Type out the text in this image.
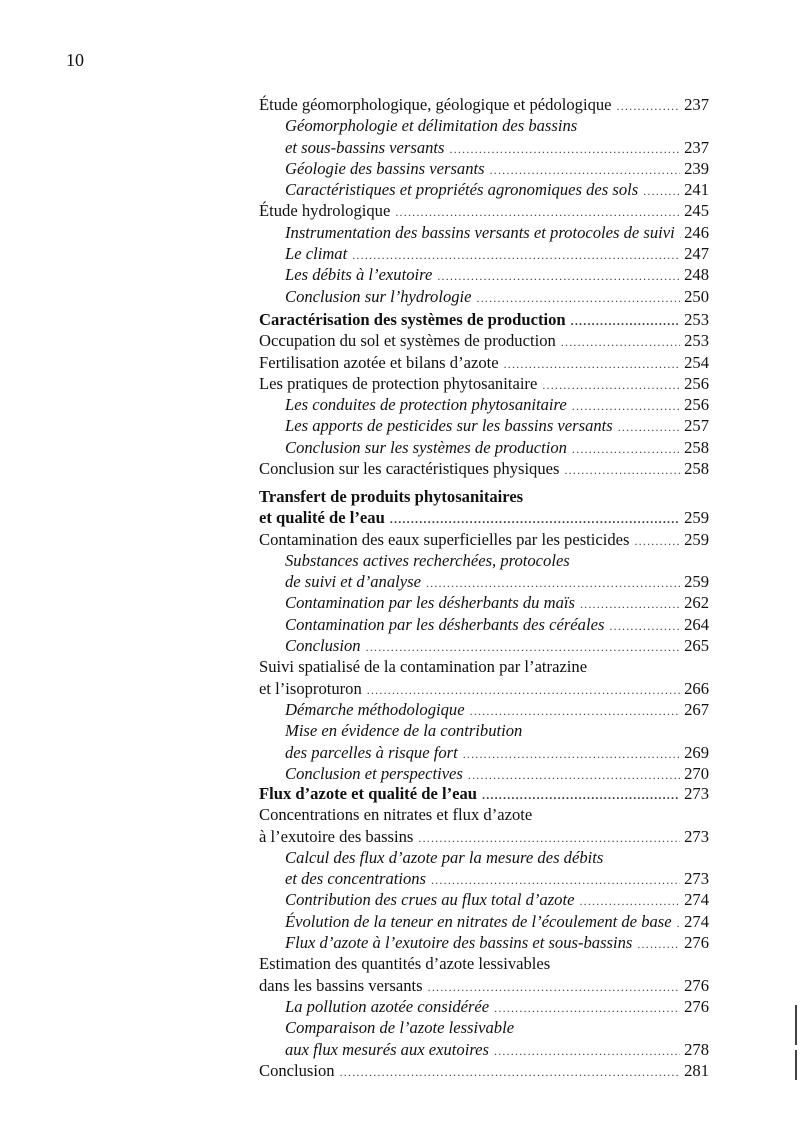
10
Étude géomorphologique, géologique et pédologique .....	237
Géomorphologie et délimitation des bassins
et sous-bassins versants .....	237
Géologie des bassins versants .....	239
Caractéristiques et propriétés agronomiques des sols .....	241
Étude hydrologique .....	245
Instrumentation des bassins versants et protocoles de suivi ..... 246
Le climat .....	247
Les débits à l’exutoire .....	248
Conclusion sur l’hydrologie .....	250
Caractérisation des systèmes de production .....	253
Occupation du sol et systèmes de production .....	253
Fertilisation azotée et bilans d’azote .....	254
Les pratiques de protection phytosanitaire .....	256
Les conduites de protection phytosanitaire .....	256
Les apports de pesticides sur les bassins versants .....	257
Conclusion sur les systèmes de production .....	258
Conclusion sur les caractéristiques physiques .....	258
Transfert de produits phytosanitaires
et qualité de l’eau .....	259
Contamination des eaux superficielles par les pesticides .....	259
Substances actives recherchées, protocoles
de suivi et d’analyse .....	259
Contamination par les désherbants du maïs .....	262
Contamination par les désherbants des céréales .....	264
Conclusion .....	265
Suivi spatialisé de la contamination par l’atrazine
et l’isoproturon .....	266
Démarche méthodologique .....	267
Mise en évidence de la contribution
des parcelles à risque fort .....	269
Conclusion et perspectives .....	270
Flux d’azote et qualité de l’eau .....	273
Concentrations en nitrates et flux d’azote
à l’exutoire des bassins .....	273
Calcul des flux d’azote par la mesure des débits
et des concentrations .....	273
Contribution des crues au flux total d’azote .....	274
Évolution de la teneur en nitrates de l’écoulement de base ..... 274
Flux d’azote à l’exutoire des bassins et sous-bassins .....	276
Estimation des quantités d’azote lessivables
dans les bassins versants .....	276
La pollution azotée considérée .....	276
Comparaison de l’azote lessivable
aux flux mesurés aux exutoires .....	278
Conclusion .....	281
